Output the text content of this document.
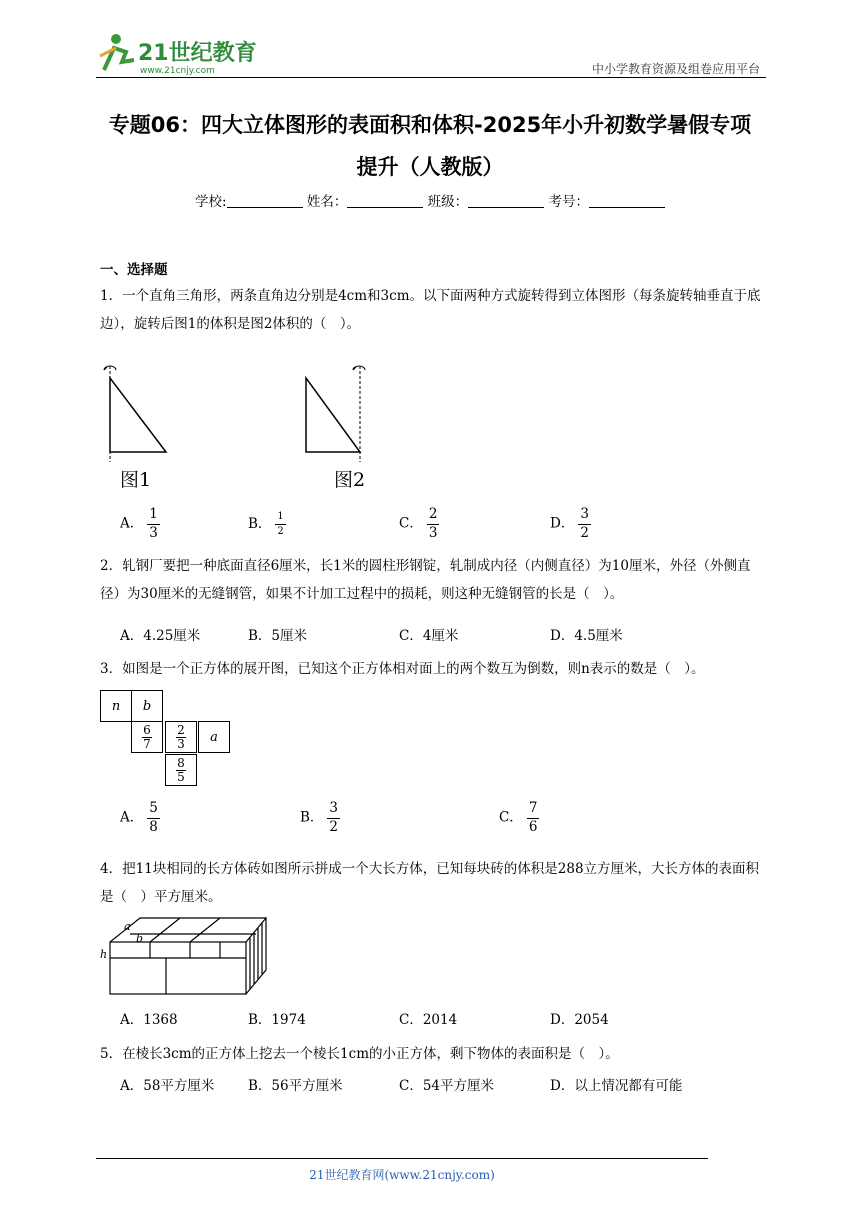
21世纪教育
www.21cnjy.com	中小学教育资源及组卷应用平台
专题06：四大立体图形的表面积和体积-2025年小升初数学暑假专项
提升（人教版）
学校:	姓名：	班级：	考号：
一、选择题
1．一个直角三角形，两条直角边分别是4cm和3cm。以下面两种方式旋转得到立体图形（每条旋转轴垂直于底边），旋转后图1的体积是图2体积的（　）。
图1	图2
A． $\frac{1}{3}$	B． $\frac{1}{2}$	C． $\frac{2}{3}$	D． $\frac{3}{2}$
2．轧钢厂要把一种底面直径6厘米，长1米的圆柱形钢锭，轧制成内径（内侧直径）为10厘米，外径（外侧直径）为30厘米的无缝钢管，如果不计加工过程中的损耗，则这种无缝钢管的长是（　）。
A．4.25厘米	B．5厘米	C．4厘米	D．4.5厘米
3．如图是一个正方体的展开图，已知这个正方体相对面上的两个数互为倒数，则n表示的数是（　）。
n	b
6
7
2
3	a
8
5
A． $\frac{5}{8}$	B． $\frac{3}{2}$	C． $\frac{7}{6}$
4．把11块相同的长方体砖如图所示拼成一个大长方体，已知每块砖的体积是288立方厘米，大长方体的表面积是（　）平方厘米。
a
b
h
A．1368	B．1974	C．2014	D．2054
5．在棱长3cm的正方体上挖去一个棱长1cm的小正方体，剩下物体的表面积是（　）。
A．58平方厘米 B．56平方厘米	C．54平方厘米	D．以上情况都有可能
21世纪教育网(www.21cnjy.com)
